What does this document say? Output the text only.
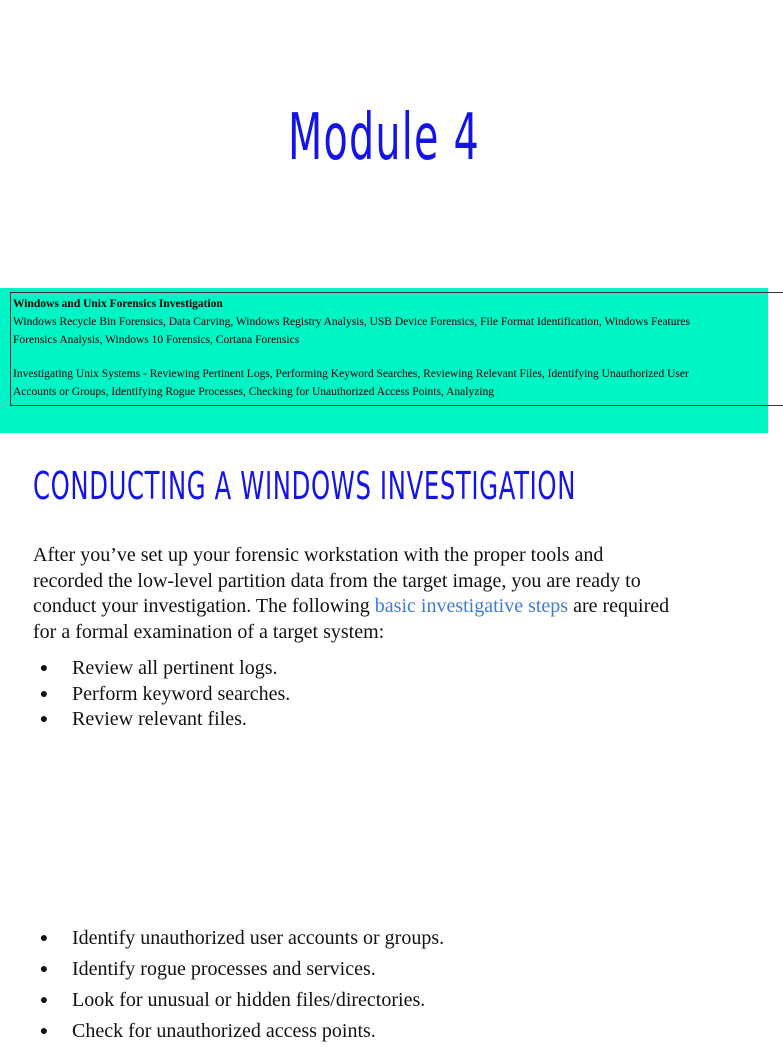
Module 4
Windows and Unix Forensics Investigation
Windows Recycle Bin Forensics, Data Carving, Windows Registry Analysis, USB Device Forensics, File Format Identification, Windows Features
Forensics Analysis, Windows 10 Forensics, Cortana Forensics
Investigating Unix Systems - Reviewing Pertinent Logs, Performing Keyword Searches, Reviewing Relevant Files, Identifying Unauthorized User
Accounts or Groups, Identifying Rogue Processes, Checking for Unauthorized Access Points, Analyzing
CONDUCTING A WINDOWS INVESTIGATION
After you’ve set up your forensic workstation with the proper tools and
recorded the low-level partition data from the target image, you are ready to
conduct your investigation. The following basic investigative steps are required
for a formal examination of a target system:
● Review all pertinent logs.
● Perform keyword searches.
● Review relevant files.
● Identify unauthorized user accounts or groups.
● Identify rogue processes and services.
● Look for unusual or hidden files/directories.
● Check for unauthorized access points.
